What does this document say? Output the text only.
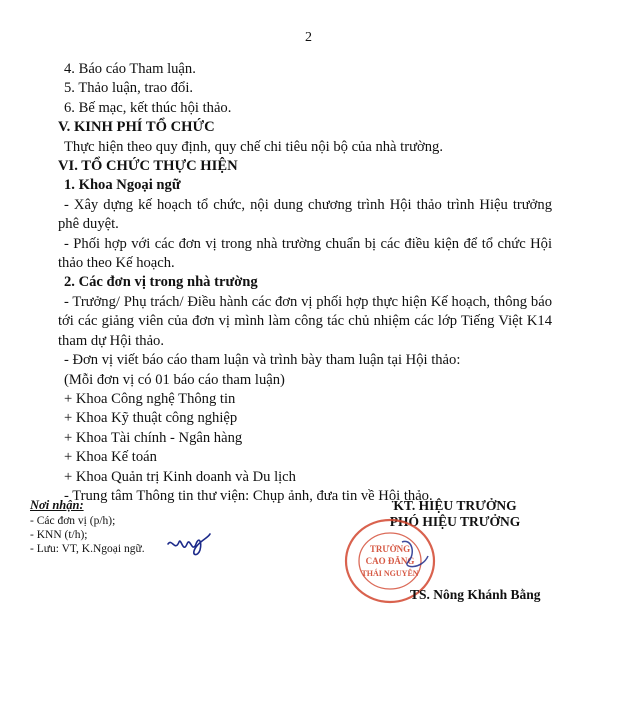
2

4. Báo cáo Tham luận.

5. Thảo luận, trao đổi.

6. Bế mạc, kết thúc hội thảo.

V. KINH PHÍ TỔ CHỨC

Thực hiện theo quy định, quy chế chi tiêu nội bộ của nhà trường.

VI. TỔ CHỨC THỰC HIỆN

1. Khoa Ngoại ngữ

- Xây dựng kế hoạch tổ chức, nội dung chương trình Hội thảo trình Hiệu trưởng phê duyệt.

- Phối hợp với các đơn vị trong nhà trường chuẩn bị các điều kiện để tổ chức Hội thảo theo Kế hoạch.

2. Các đơn vị trong nhà trường

- Trưởng/ Phụ trách/ Điều hành các đơn vị phối hợp thực hiện Kế hoạch, thông báo tới các giảng viên của đơn vị mình làm công tác chủ nhiệm các lớp Tiếng Việt K14 tham dự Hội thảo.

- Đơn vị viết báo cáo tham luận và trình bày tham luận tại Hội thảo:

(Mỗi đơn vị có 01 báo cáo tham luận)

+ Khoa Công nghệ Thông tin

+ Khoa Kỹ thuật công nghiệp

+ Khoa Tài chính - Ngân hàng

+ Khoa Kế toán

+ Khoa Quản trị Kinh doanh và Du lịch

- Trung tâm Thông tin thư viện: Chụp ảnh, đưa tin về Hội thảo.

Nơi nhận:
- Các đơn vị (p/h);
- KNN (t/h);
- Lưu: VT, K.Ngoại ngữ.
KT. HIỆU TRƯỞNG
PHÓ HIỆU TRƯỞNG
TRƯỜNG
CAO ĐẲNG
THÁI NGUYÊN
TS. Nông Khánh Bằng
